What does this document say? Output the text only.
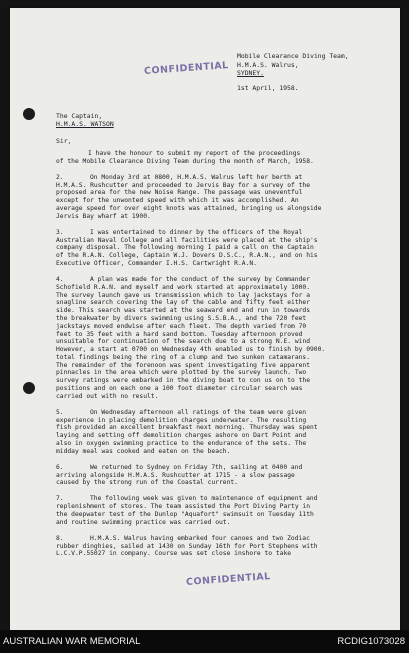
Mobile Clearance Diving Team,
H.M.A.S. Walrus,
SYDNEY.
CONFIDENTIAL
1st April, 1958.
The Captain,
H.M.A.S. WATSON
Sir,

I have the honour to submit my report of the proceedings
of the Mobile Clearance Diving Team during the month of March, 1958.

2.	On Monday 3rd at 0800, H.M.A.S. Walrus left her berth at
H.M.A.S. Rushcutter and proceeded to Jervis Bay for a survey of the
proposed area for the new Noise Range. The passage was uneventful
except for the unwonted speed with which it was accomplished. An
average speed for over eight knots was attained, bringing us alongside
Jervis Bay wharf at 1900.

3.	I was entertained to dinner by the officers of the Royal
Australian Naval College and all facilities were placed at the ship's
company disposal. The following morning I paid a call on the Captain
of the R.A.N. College, Captain W.J. Dovers D.S.C., R.A.N., and on his
Executive Officer, Commander I.H.S. Cartwright R.A.N.

4.	A plan was made for the conduct of the survey by Commander
Schofield R.A.N. and myself and work started at approximately 1000.
The survey launch gave us transmission which to lay jackstays for a
snagline search covering the lay of the cable and fifty feet either
side. This search was started at the seaward end and run in towards
the breakwater by divers swimming using S.S.B.A., and the 720 feet
jackstays moved endwise after each fleet. The depth varied from 70
feet to 35 feet with a hard sand bottom. Tuesday afternoon proved
unsuitable for continuation of the search due to a strong N.E. wind
However, a start at 0700 on Wednesday 4th enabled us to finish by 0900.
total findings being the ring of a clump and two sunken catamarans.
The remainder of the forenoon was spent investigating five apparent
pinnacles in the area which were plotted by the survey launch. Two
survey ratings were embarked in the diving boat to con us on to the
positions and on each one a 100 foot diameter circular search was
carried out with no result.

5.	On Wednesday afternoon all ratings of the team were given
experience in placing demolition charges underwater. The resulting
fish provided an excellent breakfast next morning. Thursday was spent
laying and setting off demolition charges ashore on Dart Point and
also in oxygen swimming practice to the endurance of the sets. The
midday meal was cooked and eaten on the beach.

6.	We returned to Sydney on Friday 7th, sailing at 0400 and
arriving alongside H.M.A.S. Rushcutter at 1715 - a slow passage
caused by the strong run of the Coastal current.

7.	The following week was given to maintenance of equipment and
replenishment of stores. The team assisted the Port Diving Party in
the deepwater test of the Dunlop "Aquafort" swimsuit on Tuesday 11th
and routine swimming practice was carried out.

8.	H.M.A.S. Walrus having embarked four canoes and two Zodiac
rubber dinghies, sailed at 1430 on Sunday 16th for Port Stephens with
L.C.V.P.55027 in company. Course was set close inshore to take

CONFIDENTIAL
AUSTRALIAN WAR MEMORIAL	RCDIG1073028
